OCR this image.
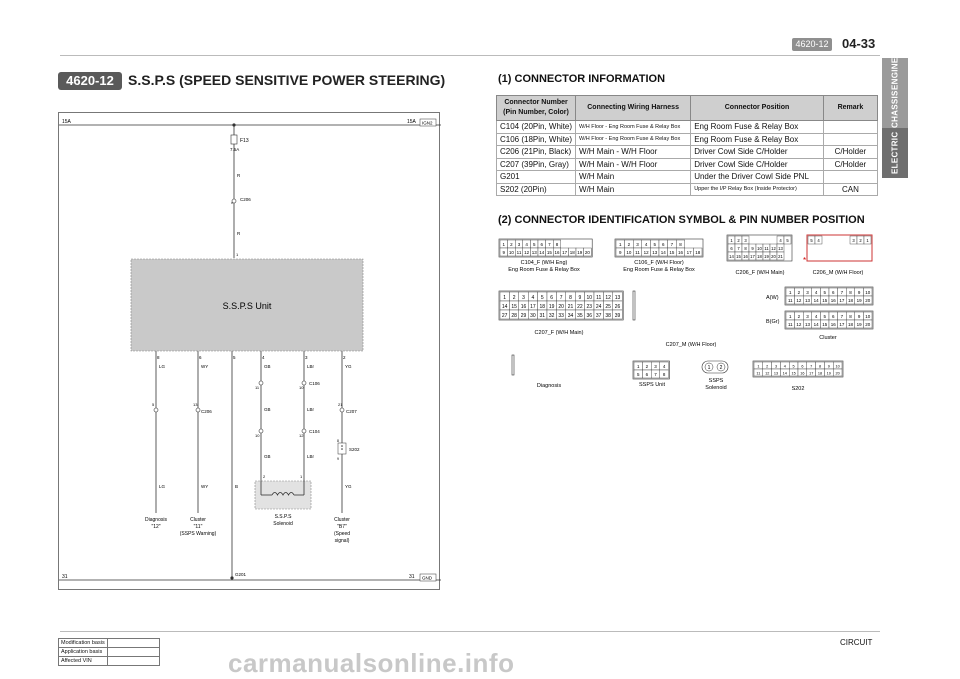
4620-12 04-33
ENGINE
CHASSIS
ELECTRIC
4620-12	S.S.P.S (SPEED SENSITIVE POWER STEERING)
15A	15A IGN2
F13
7.5A
R
C206
9
R
1
S.S.P.S Unit
8	6	5	4	3	2
LG	WY	GB	LBr	YG
5	13
C206
11	10
C106
21
C207
GB	LBr
10	12
C104
8
9
S202
GB	LBr
2	1
S.S.P.S
Solenoid
LG	WY	B	YG
Diagnosis
"12"
Cluster
"11"
(SSPS Warning)
Cluster
"B7"
(Speed
signal)
G201
31	31 GND
(1) CONNECTOR INFORMATION
Connector Number (Pin Number, Color)	Connecting Wiring Harness	Connector Position	Remark
C104 (20Pin, White)	W/H Floor - Eng Room Fuse & Relay Box	Eng Room Fuse & Relay Box	
C106 (18Pin, White)	W/H Floor - Eng Room Fuse & Relay Box	Eng Room Fuse & Relay Box	
C206 (21Pin, Black)	W/H Main - W/H Floor	Driver Cowl Side C/Holder	C/Holder
C207 (39Pin, Gray)	W/H Main - W/H Floor	Driver Cowl Side C/Holder	C/Holder
G201	W/H Main	Under the Driver Cowl Side PNL	
S202 (20Pin)	W/H Main	Upper the I/P Relay Box (Inside Protector)	CAN
(2) CONNECTOR IDENTIFICATION SYMBOL & PIN NUMBER POSITION
1 2 3 4 5 6 7 8
9 10 11 12 13 14 15 16 17 18 19 20
1 2 3 4 5 6 7 8
9 10 11 12 13 14 15 16 17 18
1 2 3	4 5
6 7 8 9 10 11 12 13
14 15 16 17 18 19 20 21
5 4	3 2 1
1 2 3 4 5 6 7 8 9 10 11 12 13
14 15 16 17 18 19 20 21 22 23 24 25 26
27 28 29 30 31 32 33 34 35 36 37 38 39
1 2 3 4 5 6 7 8 9 10
11 12 13 14 15 16 17 18 19 20
1 2 3 4 5 6 7 8 9 10
11 12 13 14 15 16 17 18 19 20
1 2 3 4
5 6 7 8
1 2 3 4 5 6 7 8 9 10
11 12 13 14 15 16 17 18 19 20
1 2
C104_F (W/H Eng)
Eng Room Fuse & Relay Box
C106_F (W/H Floor)
Eng Room Fuse & Relay Box	C206_F (W/H Main)	C206_M (W/H Floor)
*
C207_F (W/H Main)
C207_M (W/H Floor)
A(W)
B(Gr)
Cluster
Diagnosis	SSPS Unit
SSPS
Solenoid	S202
Modification basis	
Application basis	
Affected VIN	
CIRCUIT
carmanualsonline.info
